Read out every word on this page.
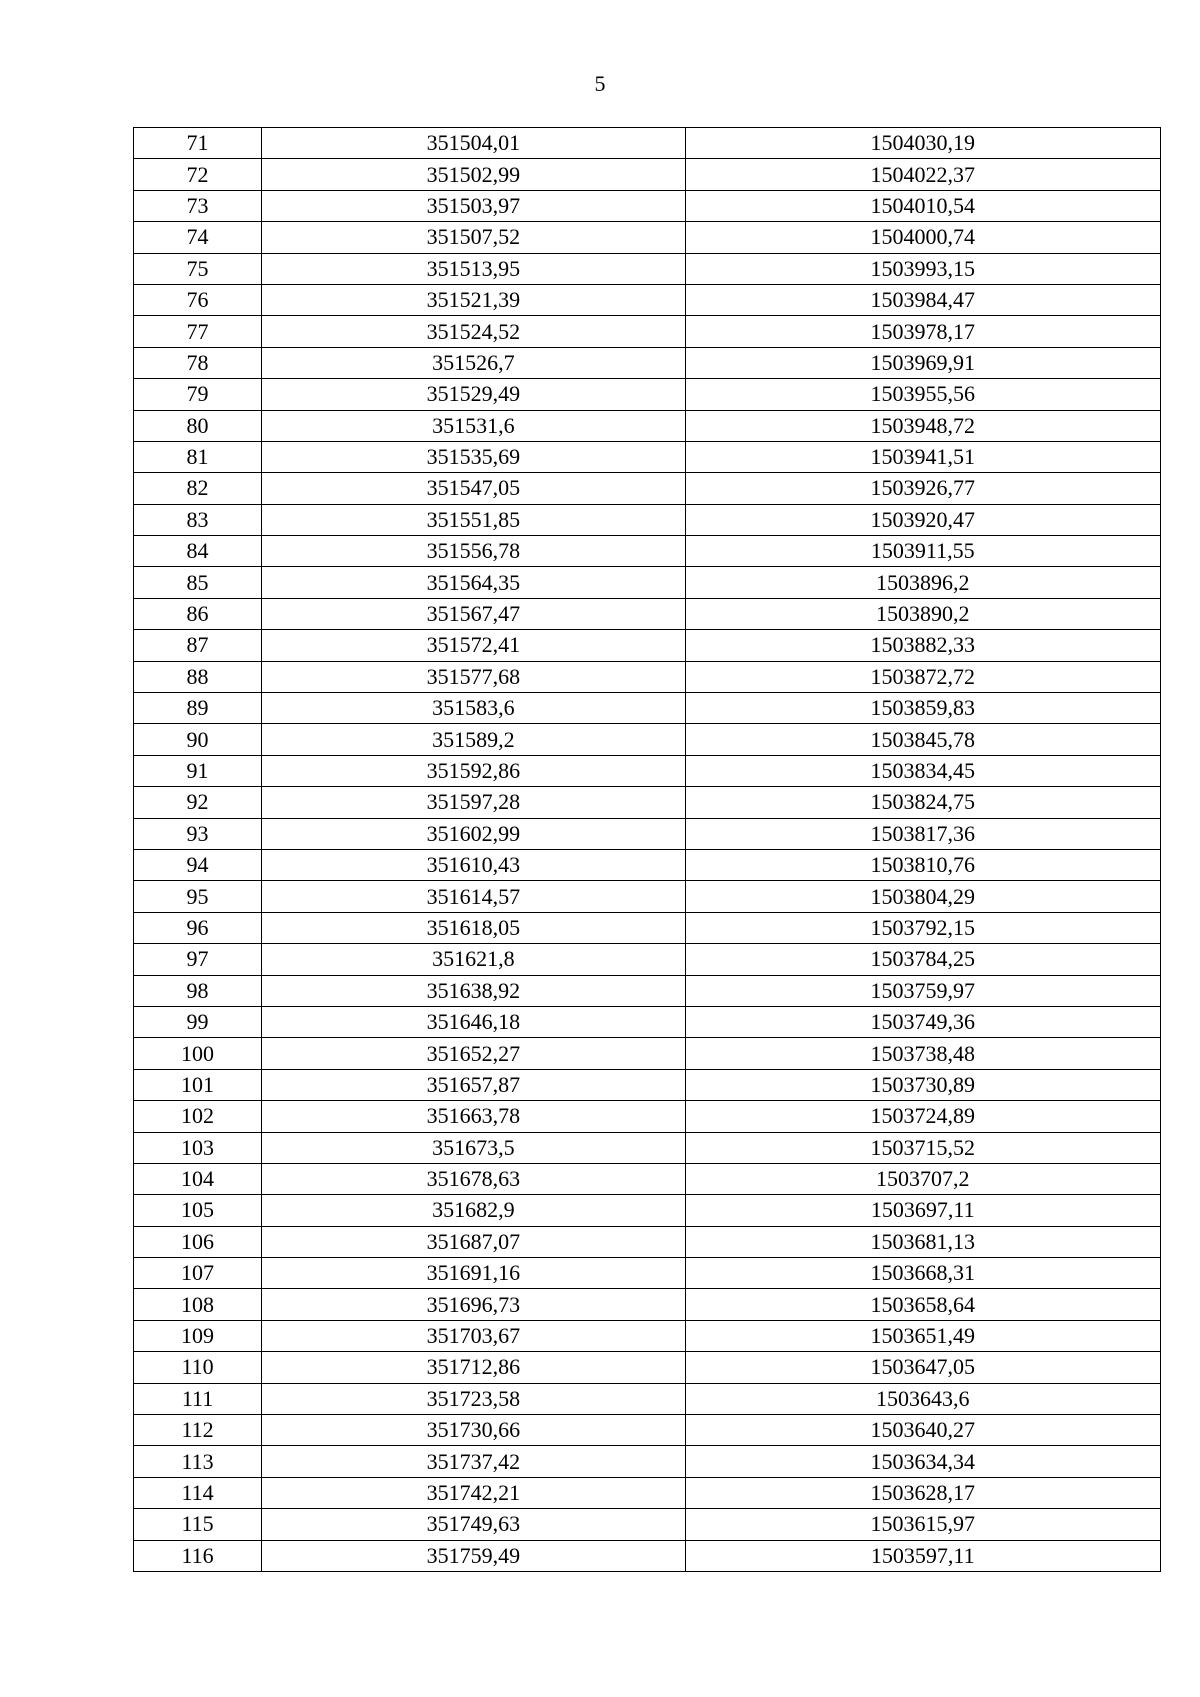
5
71	351504,01	1504030,19
72	351502,99	1504022,37
73	351503,97	1504010,54
74	351507,52	1504000,74
75	351513,95	1503993,15
76	351521,39	1503984,47
77	351524,52	1503978,17
78	351526,7	1503969,91
79	351529,49	1503955,56
80	351531,6	1503948,72
81	351535,69	1503941,51
82	351547,05	1503926,77
83	351551,85	1503920,47
84	351556,78	1503911,55
85	351564,35	1503896,2
86	351567,47	1503890,2
87	351572,41	1503882,33
88	351577,68	1503872,72
89	351583,6	1503859,83
90	351589,2	1503845,78
91	351592,86	1503834,45
92	351597,28	1503824,75
93	351602,99	1503817,36
94	351610,43	1503810,76
95	351614,57	1503804,29
96	351618,05	1503792,15
97	351621,8	1503784,25
98	351638,92	1503759,97
99	351646,18	1503749,36
100	351652,27	1503738,48
101	351657,87	1503730,89
102	351663,78	1503724,89
103	351673,5	1503715,52
104	351678,63	1503707,2
105	351682,9	1503697,11
106	351687,07	1503681,13
107	351691,16	1503668,31
108	351696,73	1503658,64
109	351703,67	1503651,49
110	351712,86	1503647,05
111	351723,58	1503643,6
112	351730,66	1503640,27
113	351737,42	1503634,34
114	351742,21	1503628,17
115	351749,63	1503615,97
116	351759,49	1503597,11
